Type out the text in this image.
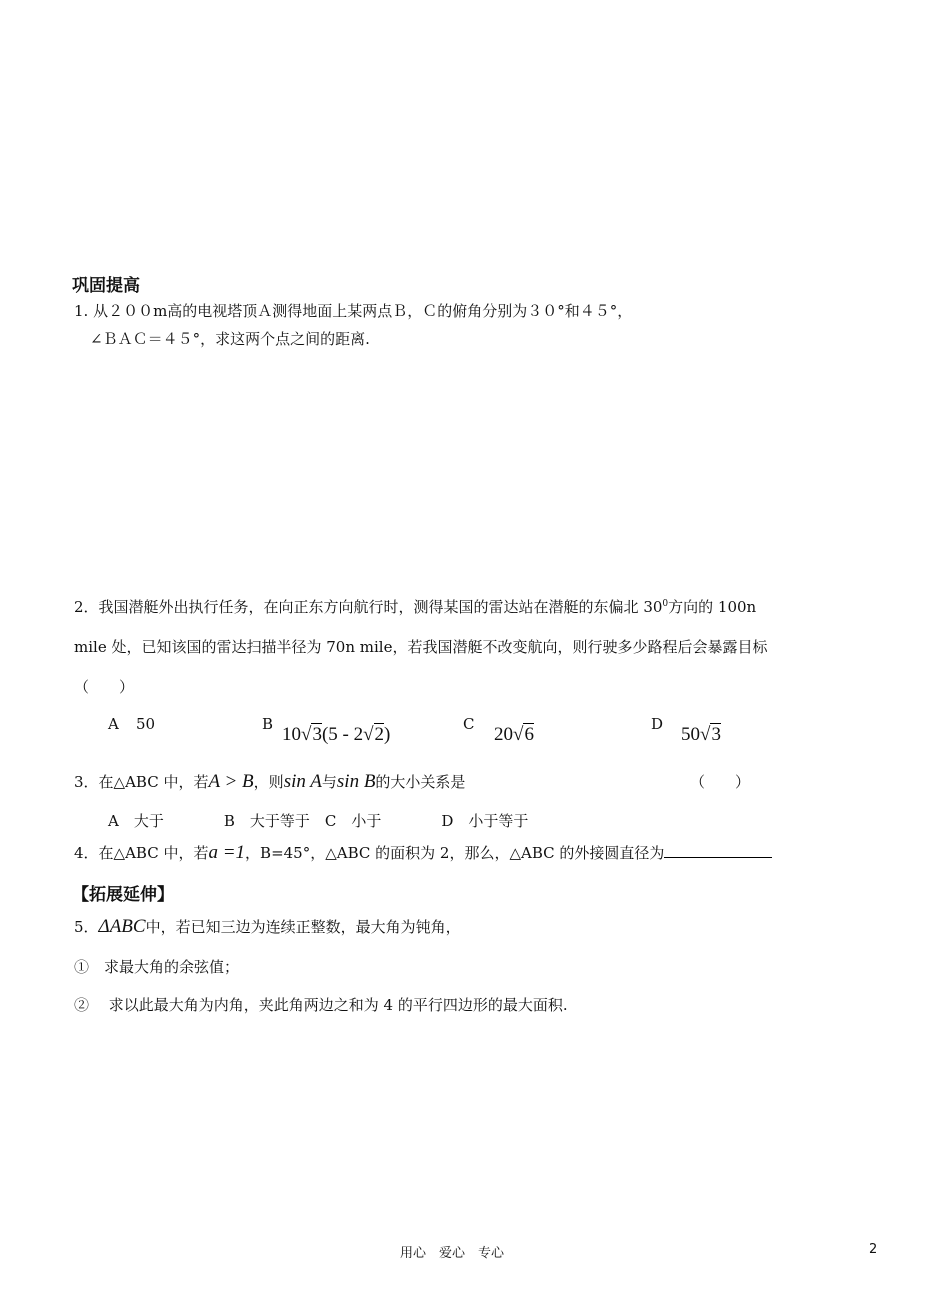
巩固提高
1. 从２００m高的电视塔顶Ａ测得地面上某两点Ｂ，Ｃ的俯角分别为３０°和４５°，
∠ＢＡＣ＝４５°，求这两个点之间的距离.
2．我国潜艇外出执行任务，在向正东方向航行时，测得某国的雷达站在潜艇的东偏北 $30^0$方向的 100n
mile 处，已知该国的雷达扫描半径为 70n mile，若我国潜艇不改变航向，则行驶多少路程后会暴露目标
（　　）
A 50	B 10√3(5 - 2√2)	C 20√6	D 50√3
3．在△ABC 中，若A > B，则sin A与sin B的大小关系是	（　　）
A　大于　　　　B　大于等于　C　小于　　　　D　小于等于
4．在△ABC 中，若a =1，B=45°，△ABC 的面积为 2，那么，△ABC 的外接圆直径为
【拓展延伸】
5．ΔABC中，若已知三边为连续正整数，最大角为钝角，
①　求最大角的余弦值；
②　 求以此最大角为内角，夹此角两边之和为 4 的平行四边形的最大面积.
用心　爱心　专心	2
